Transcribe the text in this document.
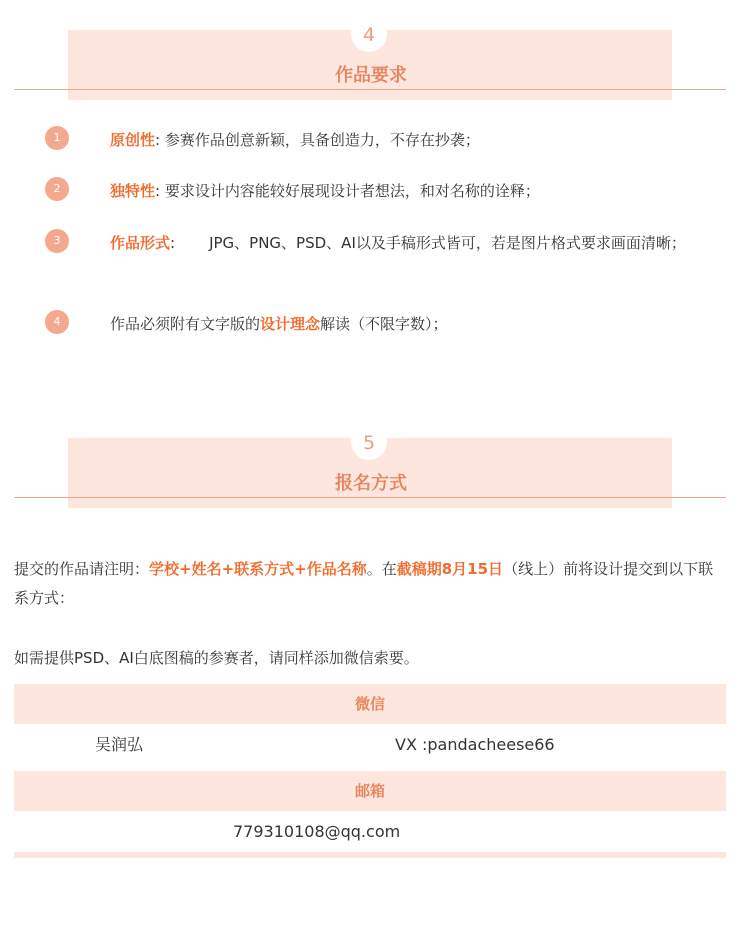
4
作品要求
1	原创性: 参赛作品创意新颖，具备创造力，不存在抄袭；
2	独特性: 要求设计内容能较好展现设计者想法，和对名称的诠释；
3	作品形式: JPG、PNG、PSD、AI以及手稿形式皆可，若是图片格式要求画面清晰；
4	作品必须附有文字版的设计理念解读（不限字数）；
5
报名方式
提交的作品请注明：学校+姓名+联系方式+作品名称。在截稿期8月15日（线上）前将设计提交到以下联系方式：
如需提供PSD、AI白底图稿的参赛者，请同样添加微信索要。
微信
吴润弘	VX :pandacheese66
邮箱
779310108@qq.com
